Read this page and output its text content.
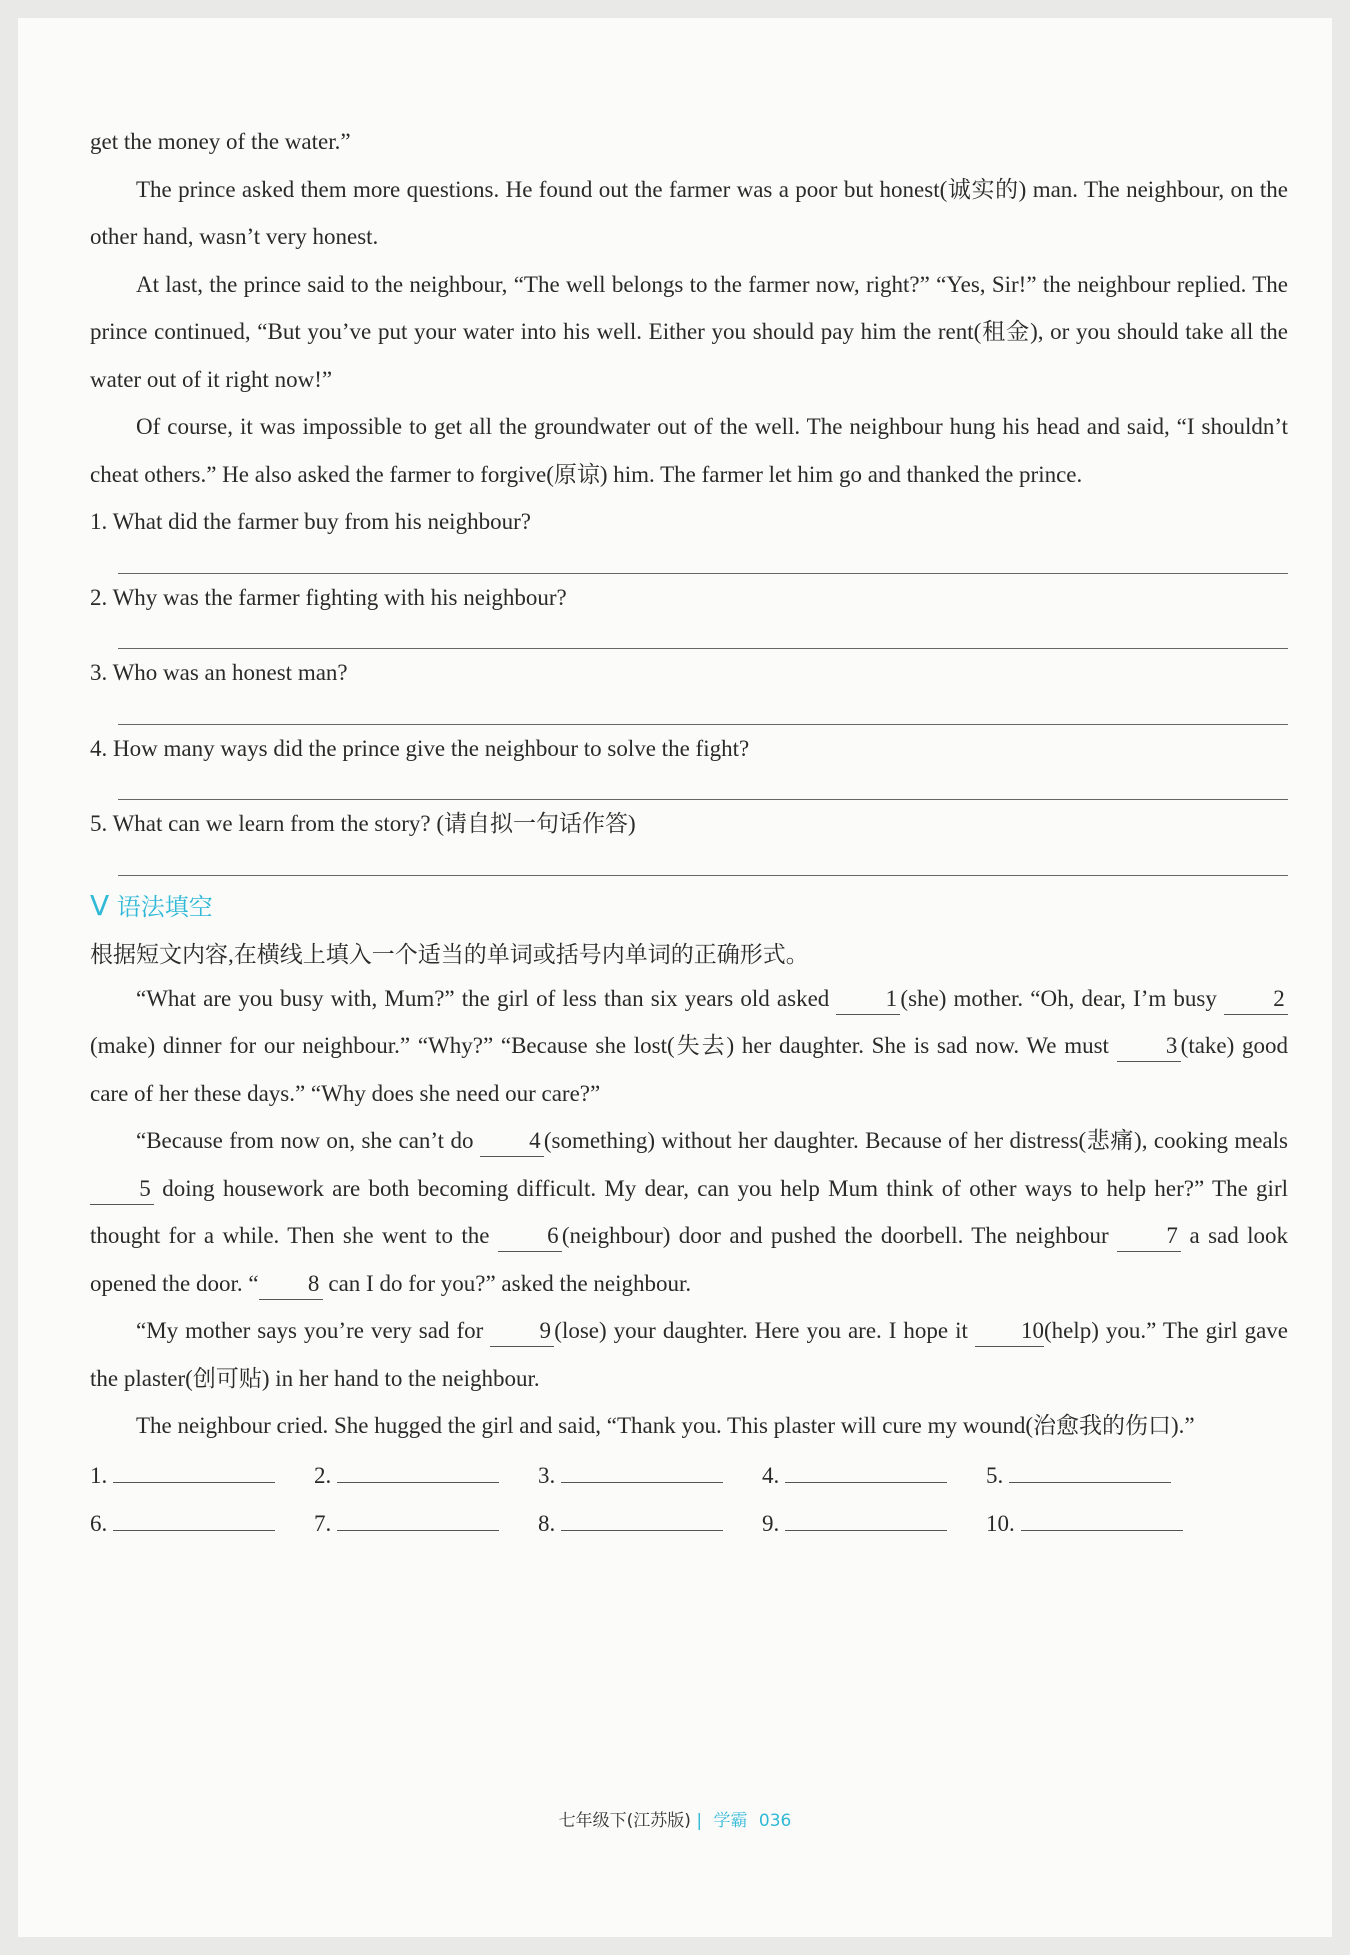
get the money of the water.”

The prince asked them more questions. He found out the farmer was a poor but honest(诚实的) man. The neighbour, on the other hand, wasn’t very honest.

At last, the prince said to the neighbour, “The well belongs to the farmer now, right?” “Yes, Sir!” the neighbour replied. The prince continued, “But you’ve put your water into his well. Either you should pay him the rent(租金), or you should take all the water out of it right now!”

Of course, it was impossible to get all the groundwater out of the well. The neighbour hung his head and said, “I shouldn’t cheat others.” He also asked the farmer to forgive(原谅) him. The farmer let him go and thanked the prince.

1. What did the farmer buy from his neighbour?

2. Why was the farmer fighting with his neighbour?

3. Who was an honest man?

4. How many ways did the prince give the neighbour to solve the fight?

5. What can we learn from the story? (请自拟一句话作答)

V 语法填空

根据短文内容,在横线上填入一个适当的单词或括号内单词的正确形式。

“What are you busy with, Mum?” the girl of less than six years old asked 1 (she) mother. “Oh, dear, I’m busy 2(make) dinner for our neighbour.” “Why?” “Because she lost(失去) her daughter. She is sad now. We must 3 (take) good care of her these days.” “Why does she need our care?”

“Because from now on, she can’t do 4 (something) without her daughter. Because of her distress(悲痛), cooking meals 5 doing housework are both becoming difficult. My dear, can you help Mum think of other ways to help her?” The girl thought for a while. Then she went to the 6 (neighbour) door and pushed the doorbell. The neighbour 7 a sad look opened the door. “ 8 can I do for you?” asked the neighbour.

“My mother says you’re very sad for 9 (lose) your daughter. Here you are. I hope it 10(help) you.” The girl gave the plaster(创可贴) in her hand to the neighbour.

The neighbour cried. She hugged the girl and said, “Thank you. This plaster will cure my wound(治愈我的伤口).”

1.	2.	3.	4.	5.
6.	7.	8.	9.	10.
七年级下(江苏版) | 学霸 036
